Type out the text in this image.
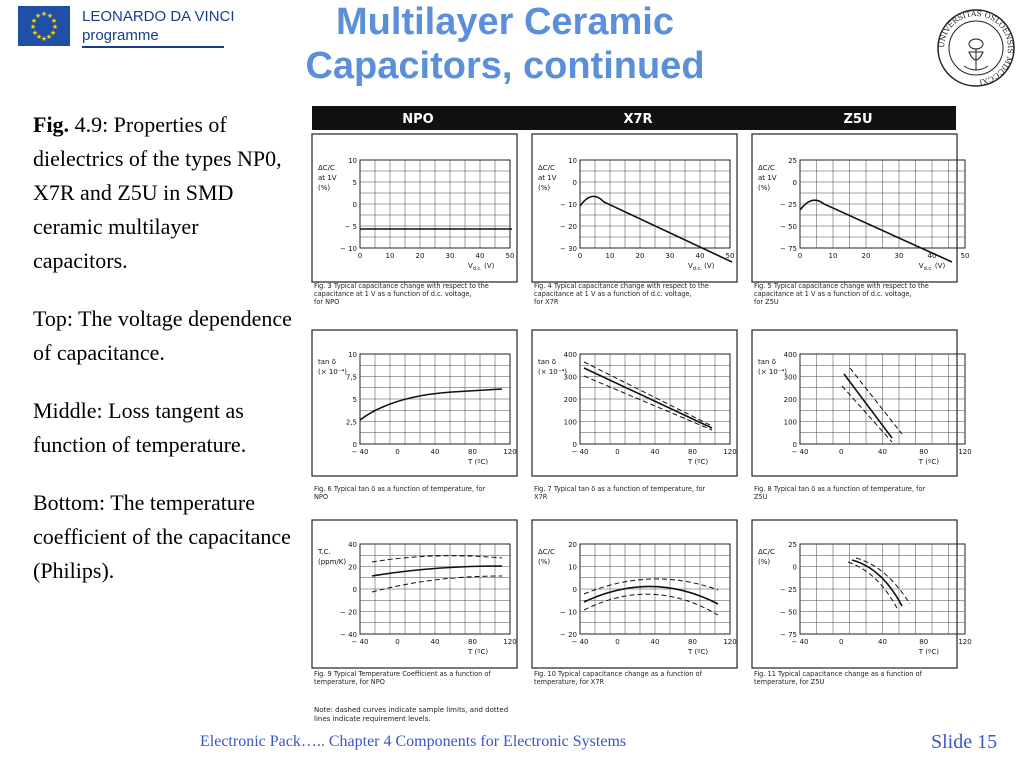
★ ★
★
★
★
★
★
★
★
★
★
★	LEONARDO DA VINCI
programme	Multilayer Ceramic
Capacitors, continued
UNIVERSITAS OSLOENSIS MDCCCXI

Fig. 4.9: Properties of dielectrics of the types NP0, X7R and Z5U in SMD ceramic multilayer capacitors.

Top: The voltage dependence of capacitance.

Middle: Loss tangent as function of temperature.

Bottom: The temperature coefficient of the capacitance (Philips).

NPO	X7R	Z5U
ΔC/C
at 1V
(%)
10
5
0
− 5
− 10
0	10	20	30	40	50
$V_{d.c.}$ (V)
Fig. 3 Typical capacitance change with respect to the
capacitance at 1 V as a function of d.c. voltage,
for NPO
ΔC/C
at 1V
(%)
10
0
− 10
− 20
− 30
0	10	20	30	40	50
$V_{d.c.}$ (V)
Fig. 4 Typical capacitance change with respect to the
capacitance at 1 V as a function of d.c. voltage,
for X7R
ΔC/C
at 1V
(%)
25
0
− 25
− 50
− 75
0	10	20	30	40	50
$V_{d.c.}$ (V)
Fig. 5 Typical capacitance change with respect to the
capacitance at 1 V as a function of d.c. voltage,
for Z5U
tan δ
(× 10⁻⁴)
10
7,5
5
2,5
0
− 40	0	40	80	120
T (ºC)
Fig. 6 Typical tan δ as a function of temperature, for
NPO
tan δ
(× 10⁻⁴)
400
300
200
100
0
− 40	0	40	80	120
T (ºC)
Fig. 7 Typical tan δ as a function of temperature, for
X7R
tan δ
(× 10⁻⁴)
400
300
200
100
0
− 40	0	40	80	120
T (ºC)
Fig. 8 Typical tan δ as a function of temperature, for
Z5U
T.C.
(ppm/K)
40
20
0
− 20
− 40
− 40	0	40	80	120
T (ºC)
Fig. 9 Typical Temperature Coefficient as a function of
temperature, for NPO
ΔC/C
(%)
20
10
0
− 10
− 20
− 40	0	40	80	120
T (ºC)
Fig. 10 Typical capacitance change as a function of
temperature, for X7R
ΔC/C
(%)
25
0
− 25
− 50
− 75
− 40	0	40	80	120
T (ºC)
Fig. 11 Typical capacitance change as a function of
temperature, for Z5U
Note: dashed curves indicate sample limits, and dotted
lines indicate requirement levels.
Electronic Pack….. Chapter 4 Components for Electronic Systems	Slide 15
